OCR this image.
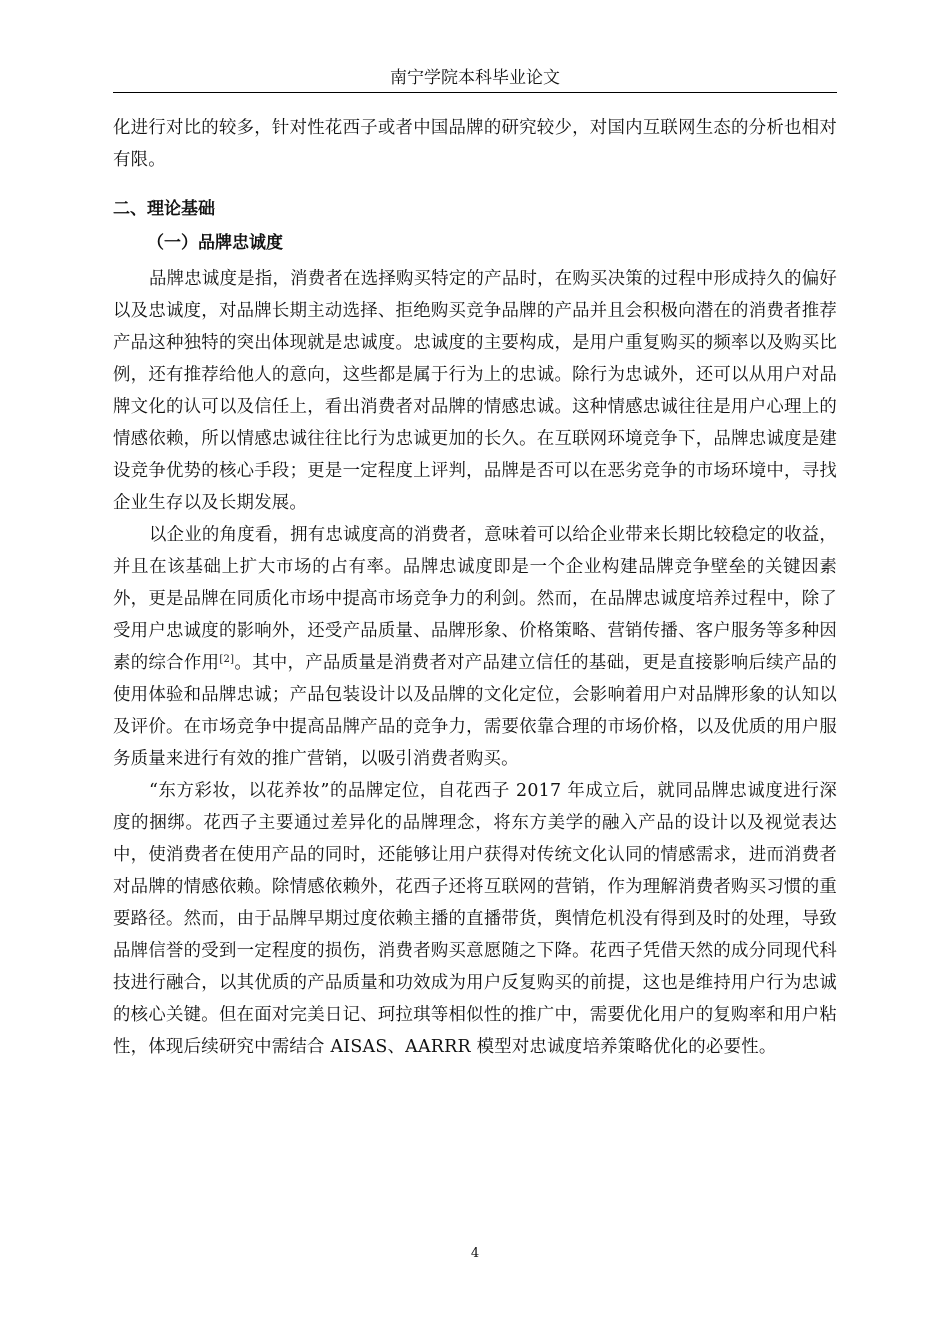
南宁学院本科毕业论文

化进行对比的较多，针对性花西子或者中国品牌的研究较少，对国内互联网生态的分析也相对有限。

二、理论基础
（一）品牌忠诚度

品牌忠诚度是指，消费者在选择购买特定的产品时，在购买决策的过程中形成持久的偏好以及忠诚度，对品牌长期主动选择、拒绝购买竞争品牌的产品并且会积极向潜在的消费者推荐产品这种独特的突出体现就是忠诚度。忠诚度的主要构成，是用户重复购买的频率以及购买比例，还有推荐给他人的意向，这些都是属于行为上的忠诚。除行为忠诚外，还可以从用户对品牌文化的认可以及信任上，看出消费者对品牌的情感忠诚。这种情感忠诚往往是用户心理上的情感依赖，所以情感忠诚往往比行为忠诚更加的长久。在互联网环境竞争下，品牌忠诚度是建设竞争优势的核心手段；更是一定程度上评判，品牌是否可以在恶劣竞争的市场环境中，寻找企业生存以及长期发展。

以企业的角度看，拥有忠诚度高的消费者，意味着可以给企业带来长期比较稳定的收益，并且在该基础上扩大市场的占有率。品牌忠诚度即是一个企业构建品牌竞争壁垒的关键因素外，更是品牌在同质化市场中提高市场竞争力的利剑。然而，在品牌忠诚度培养过程中，除了受用户忠诚度的影响外，还受产品质量、品牌形象、价格策略、营销传播、客户服务等多种因素的综合作用[2]。其中，产品质量是消费者对产品建立信任的基础，更是直接影响后续产品的使用体验和品牌忠诚；产品包装设计以及品牌的文化定位，会影响着用户对品牌形象的认知以及评价。在市场竞争中提高品牌产品的竞争力，需要依靠合理的市场价格，以及优质的用户服务质量来进行有效的推广营销，以吸引消费者购买。

“东方彩妆，以花养妆”的品牌定位，自花西子 2017 年成立后，就同品牌忠诚度进行深度的捆绑。花西子主要通过差异化的品牌理念，将东方美学的融入产品的设计以及视觉表达中，使消费者在使用产品的同时，还能够让用户获得对传统文化认同的情感需求，进而消费者对品牌的情感依赖。除情感依赖外，花西子还将互联网的营销，作为理解消费者购买习惯的重要路径。然而，由于品牌早期过度依赖主播的直播带货，舆情危机没有得到及时的处理，导致品牌信誉的受到一定程度的损伤，消费者购买意愿随之下降。花西子凭借天然的成分同现代科技进行融合，以其优质的产品质量和功效成为用户反复购买的前提，这也是维持用户行为忠诚的核心关键。但在面对完美日记、珂拉琪等相似性的推广中，需要优化用户的复购率和用户粘性，体现后续研究中需结合 AISAS、AARRR 模型对忠诚度培养策略优化的必要性。

4
